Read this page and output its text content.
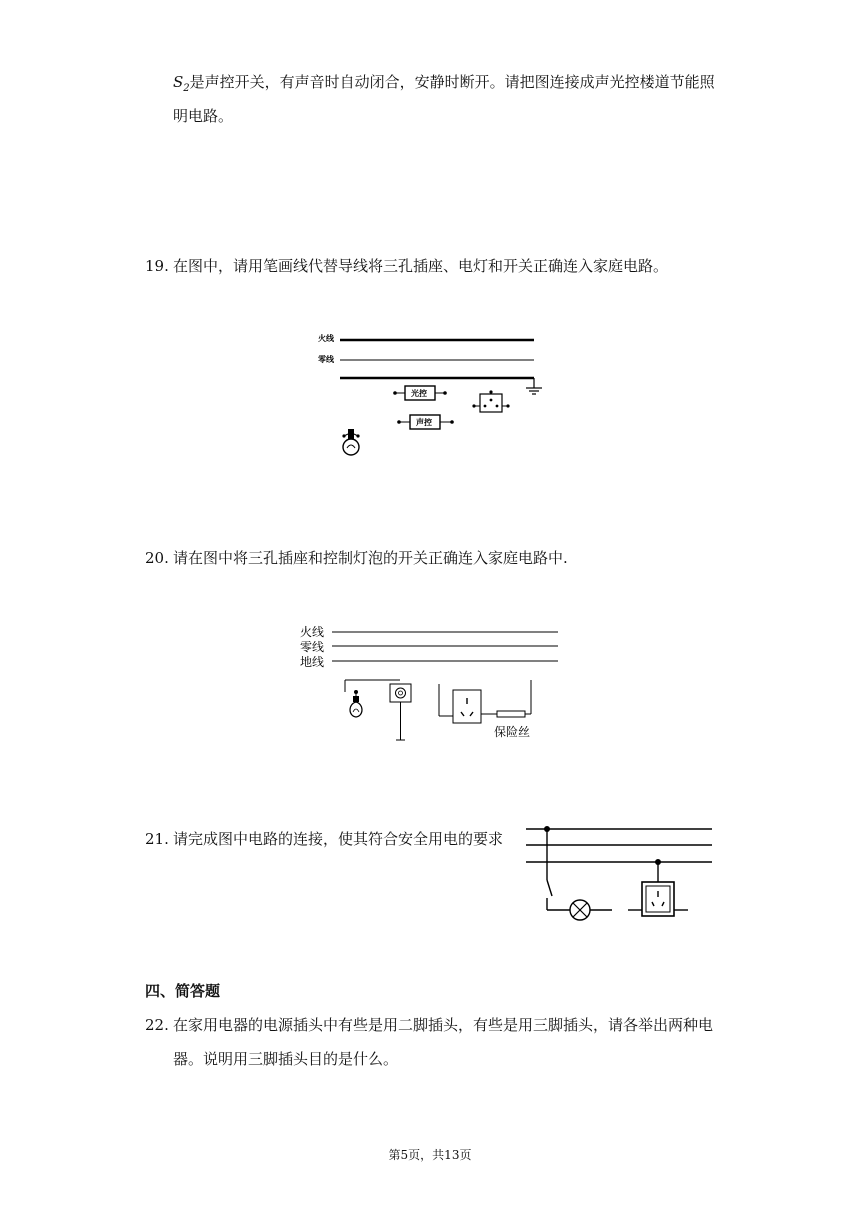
$S_2$是声控开关，有声音时自动闭合，安静时断开。请把图连接成声光控楼道节能照
明电路。
19. 在图中，请用笔画线代替导线将三孔插座、电灯和开关正确连入家庭电路。
火线
零线
光控
声控
20. 请在图中将三孔插座和控制灯泡的开关正确连入家庭电路中.
火线
零线
地线
保险丝
21. 请完成图中电路的连接，使其符合安全用电的要求
四、简答题
22. 在家用电器的电源插头中有些是用二脚插头，有些是用三脚插头，请各举出两种电
器。说明用三脚插头目的是什么。
第5页，共13页
